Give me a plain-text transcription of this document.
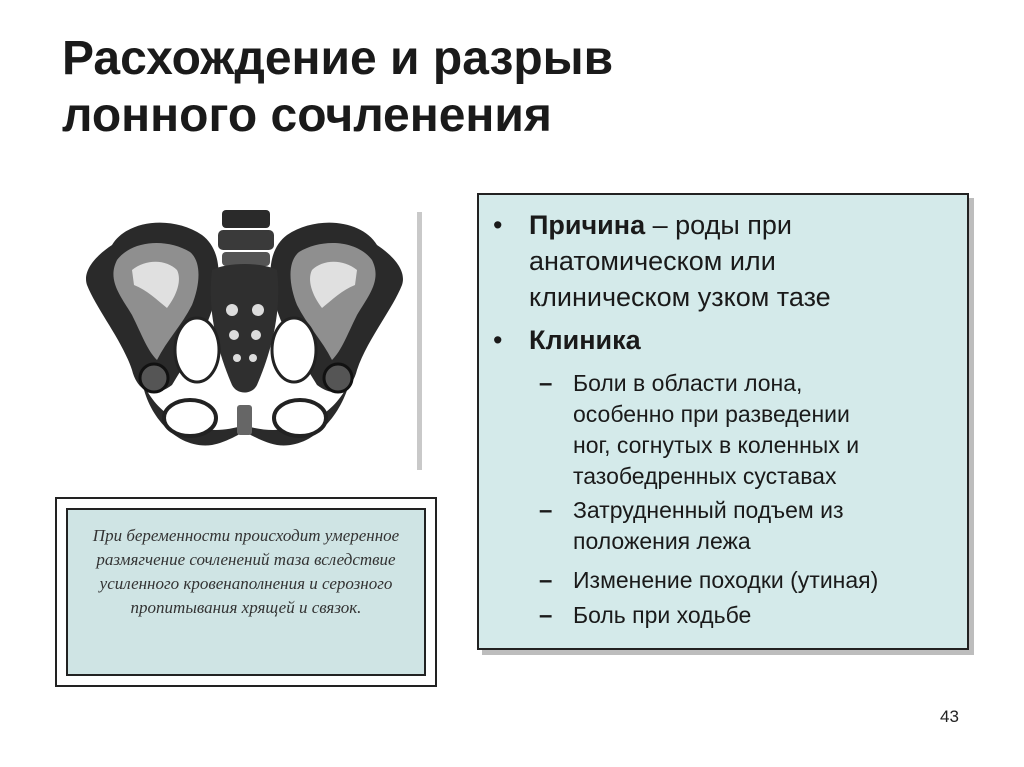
Расхождение и разрыв
лонного сочленения
При беременности происходит умеренное размягчение сочленений таза вследствие усиленного кровенаполнения и серозного пропитывания хрящей и связок.
• Причина – роды при
анатомическом или
клиническом узком тазе
• Клиника
– Боли в области лона,
особенно при разведении
ног, согнутых в коленных и
тазобедренных суставах
– Затрудненный подъем из
положения лежа
– Изменение походки (утиная)
– Боль при ходьбе
43
